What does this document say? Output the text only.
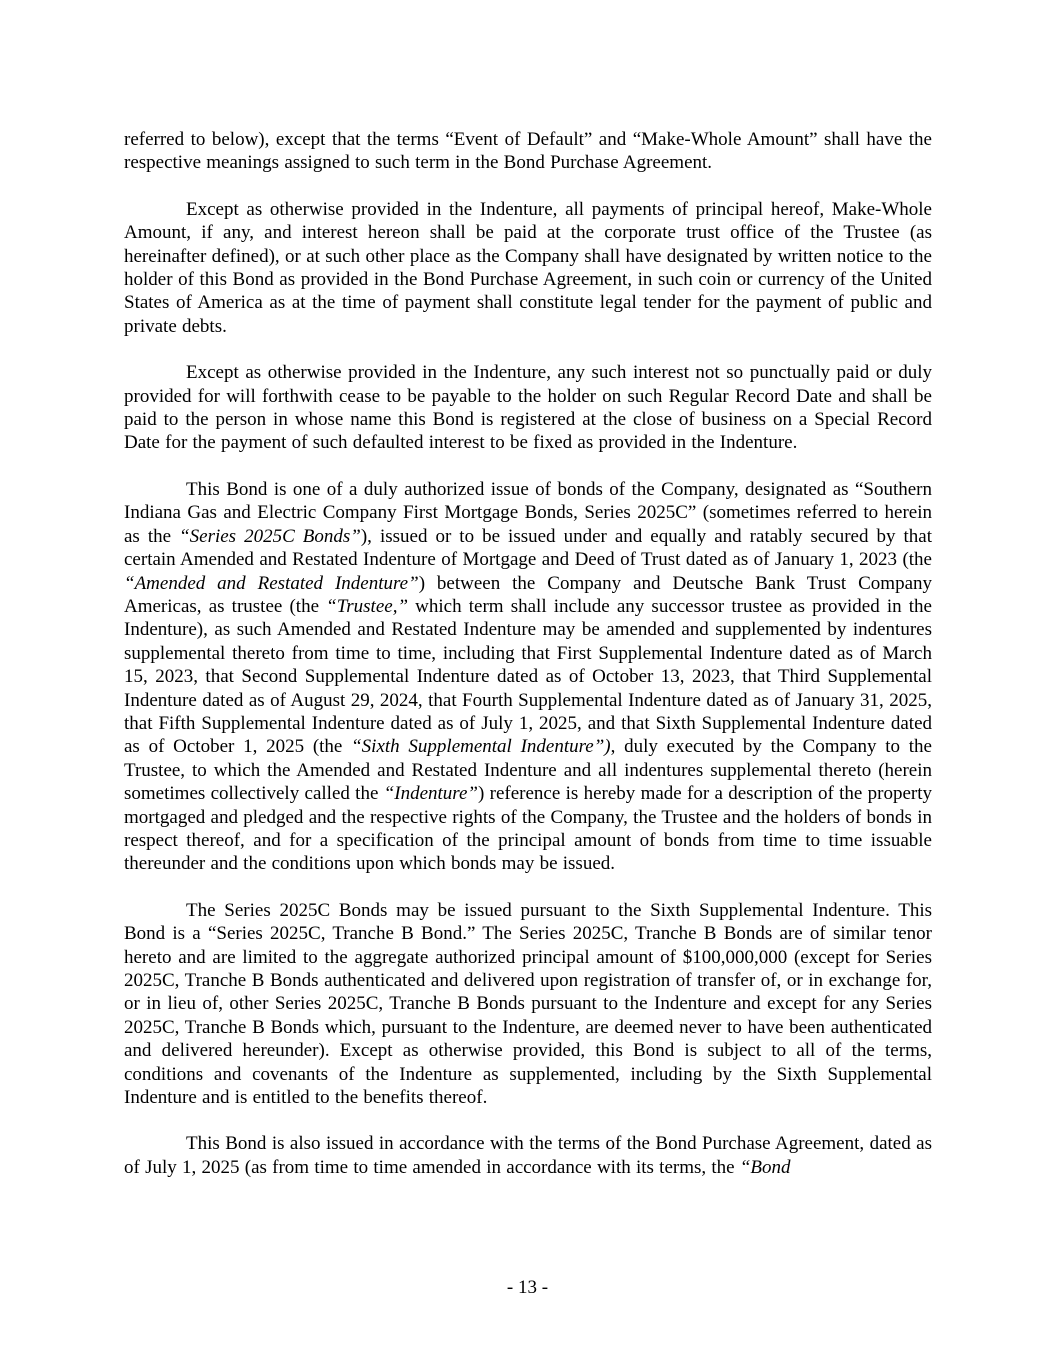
referred to below), except that the terms “Event of Default” and “Make-Whole Amount” shall have the respective meanings assigned to such term in the Bond Purchase Agreement.

Except as otherwise provided in the Indenture, all payments of principal hereof, Make-Whole Amount, if any, and interest hereon shall be paid at the corporate trust office of the Trustee (as hereinafter defined), or at such other place as the Company shall have designated by written notice to the holder of this Bond as provided in the Bond Purchase Agreement, in such coin or currency of the United States of America as at the time of payment shall constitute legal tender for the payment of public and private debts.

Except as otherwise provided in the Indenture, any such interest not so punctually paid or duly provided for will forthwith cease to be payable to the holder on such Regular Record Date and shall be paid to the person in whose name this Bond is registered at the close of business on a Special Record Date for the payment of such defaulted interest to be fixed as provided in the Indenture.

This Bond is one of a duly authorized issue of bonds of the Company, designated as “Southern Indiana Gas and Electric Company First Mortgage Bonds, Series 2025C” (sometimes referred to herein as the “Series 2025C Bonds”), issued or to be issued under and equally and ratably secured by that certain Amended and Restated Indenture of Mortgage and Deed of Trust dated as of January 1, 2023 (the “Amended and Restated Indenture”) between the Company and Deutsche Bank Trust Company Americas, as trustee (the “Trustee,” which term shall include any successor trustee as provided in the Indenture), as such Amended and Restated Indenture may be amended and supplemented by indentures supplemental thereto from time to time, including that First Supplemental Indenture dated as of March 15, 2023, that Second Supplemental Indenture dated as of October 13, 2023, that Third Supplemental Indenture dated as of August 29, 2024, that Fourth Supplemental Indenture dated as of January 31, 2025, that Fifth Supplemental Indenture dated as of July 1, 2025, and that Sixth Supplemental Indenture dated as of October 1, 2025 (the “Sixth Supplemental Indenture”), duly executed by the Company to the Trustee, to which the Amended and Restated Indenture and all indentures supplemental thereto (herein sometimes collectively called the “Indenture”) reference is hereby made for a description of the property mortgaged and pledged and the respective rights of the Company, the Trustee and the holders of bonds in respect thereof, and for a specification of the principal amount of bonds from time to time issuable thereunder and the conditions upon which bonds may be issued.

The Series 2025C Bonds may be issued pursuant to the Sixth Supplemental Indenture. This Bond is a “Series 2025C, Tranche B Bond.” The Series 2025C, Tranche B Bonds are of similar tenor hereto and are limited to the aggregate authorized principal amount of $100,000,000 (except for Series 2025C, Tranche B Bonds authenticated and delivered upon registration of transfer of, or in exchange for, or in lieu of, other Series 2025C, Tranche B Bonds pursuant to the Indenture and except for any Series 2025C, Tranche B Bonds which, pursuant to the Indenture, are deemed never to have been authenticated and delivered hereunder). Except as otherwise provided, this Bond is subject to all of the terms, conditions and covenants of the Indenture as supplemented, including by the Sixth Supplemental Indenture and is entitled to the benefits thereof.

This Bond is also issued in accordance with the terms of the Bond Purchase Agreement, dated as of July 1, 2025 (as from time to time amended in accordance with its terms, the “Bond

- 13 -
